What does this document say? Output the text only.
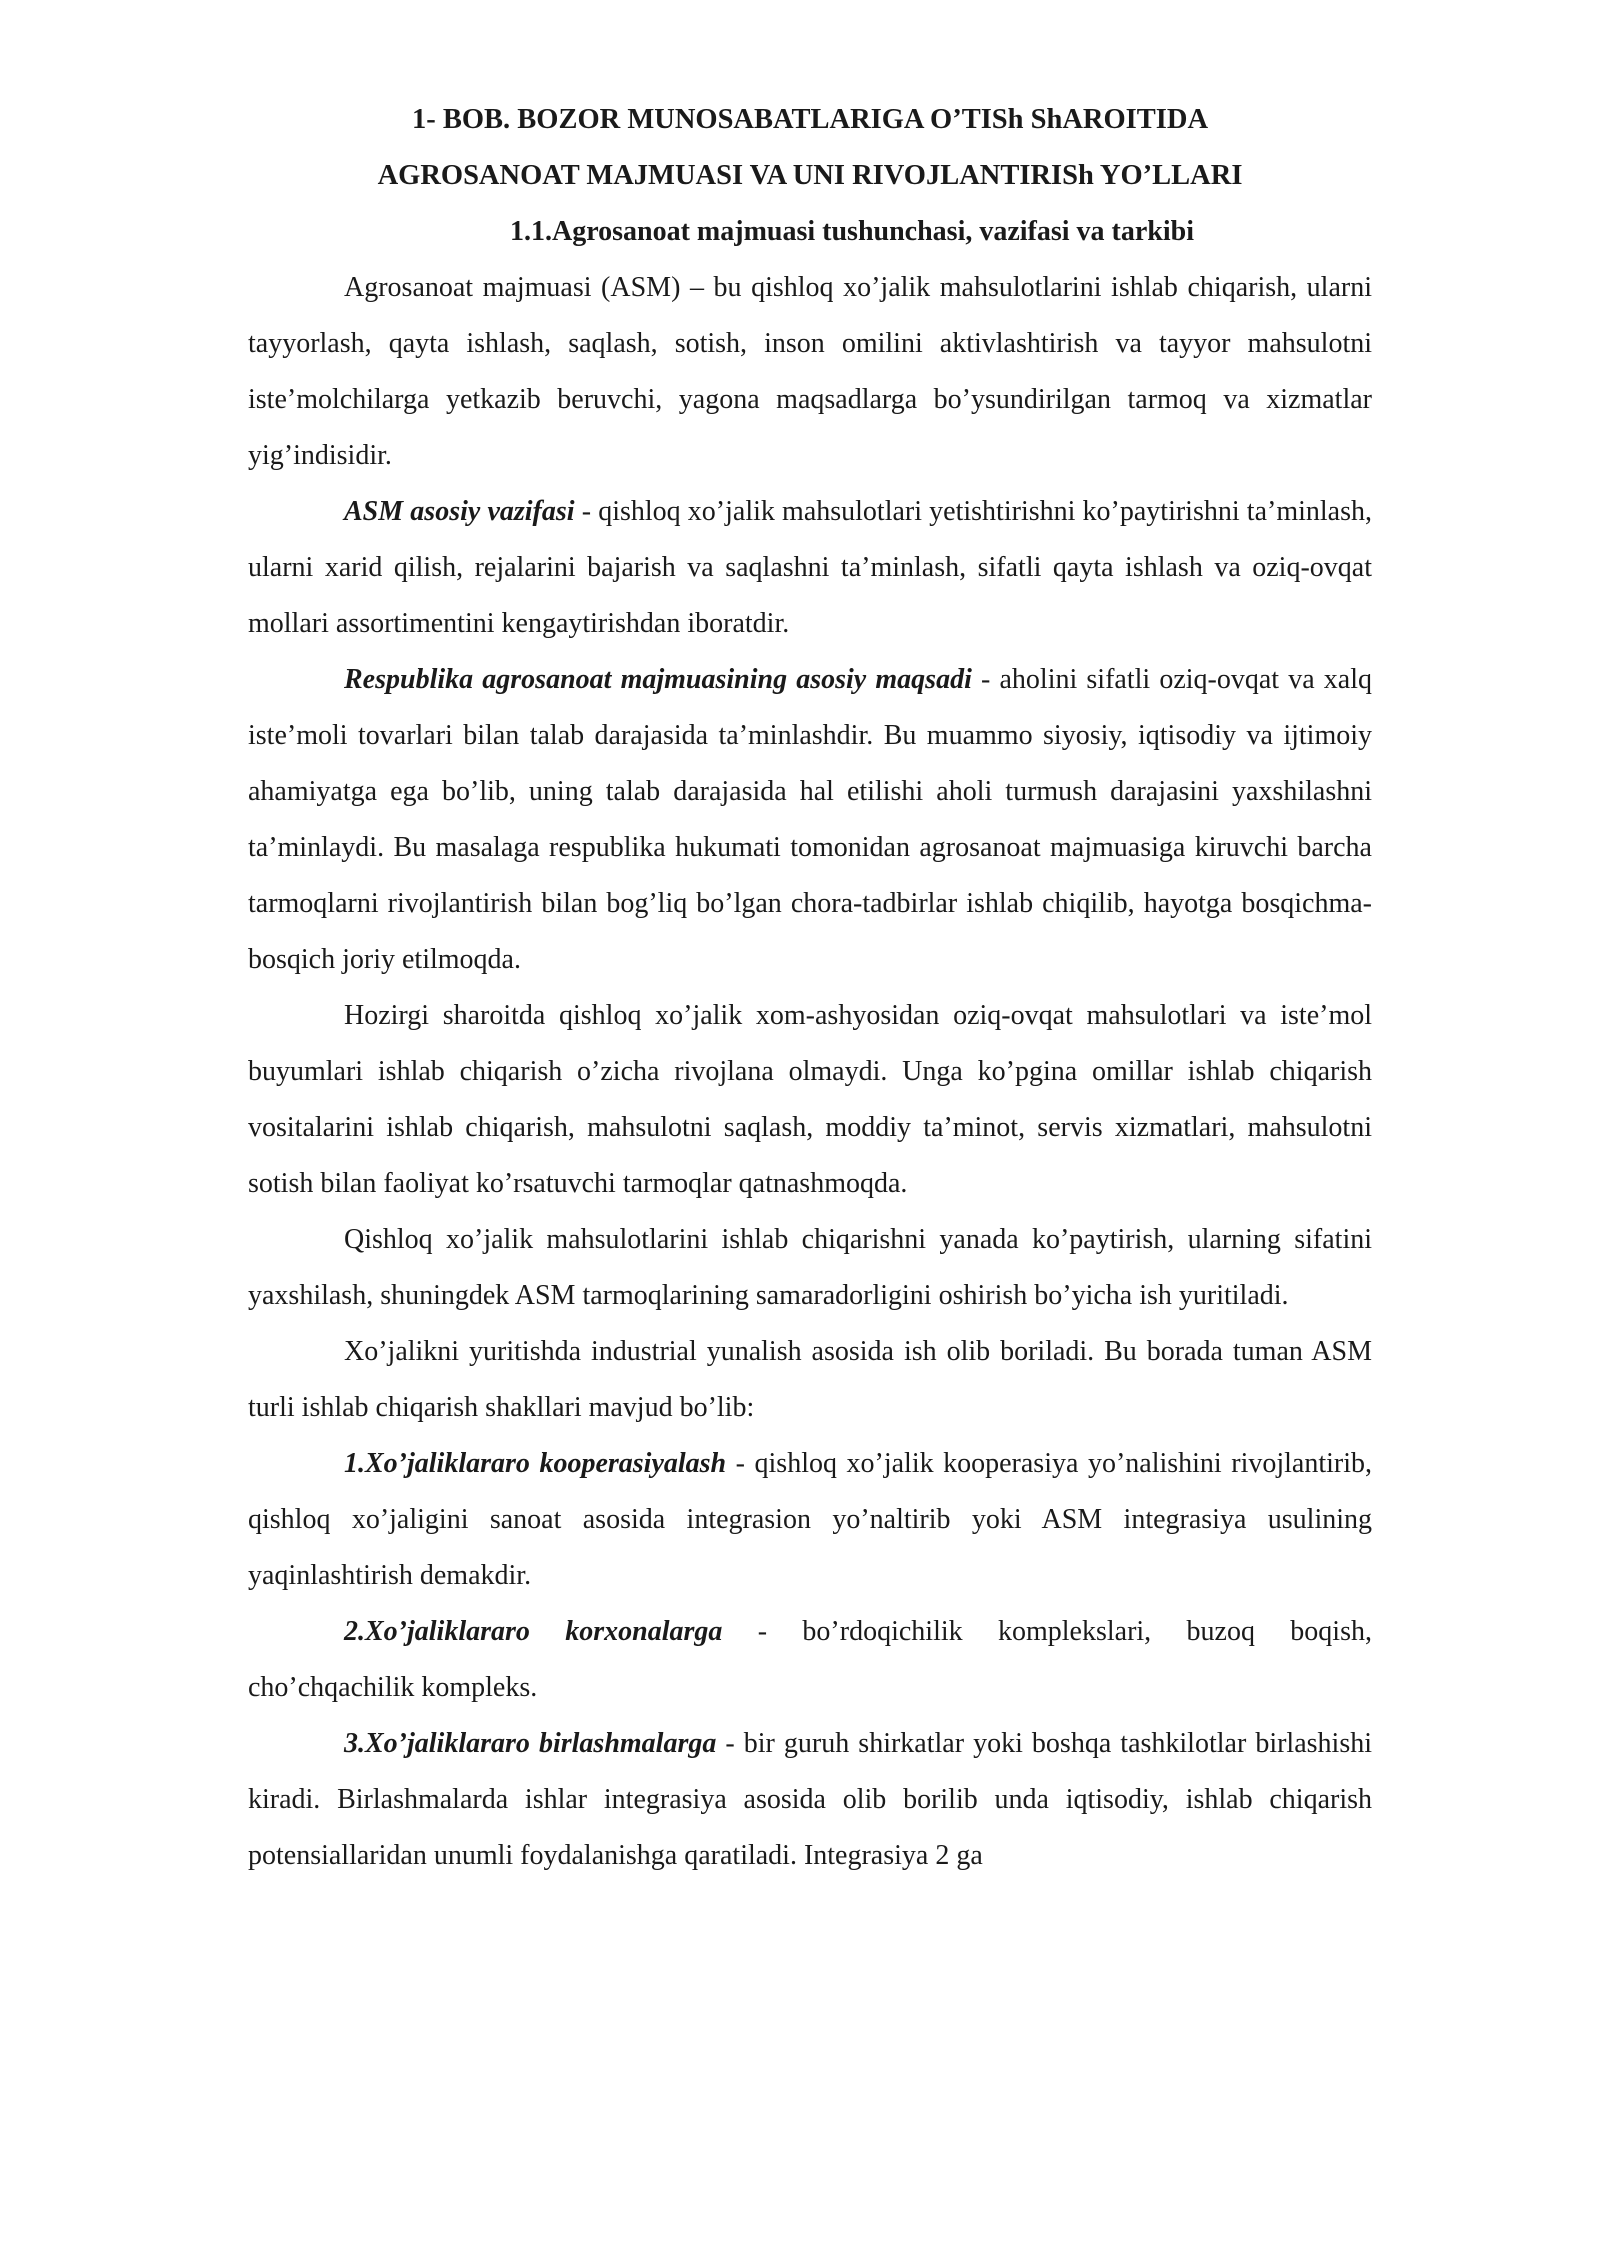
1- BOB. BOZOR MUNOSABATLARIGA O’TISh ShAROITIDA
AGROSANOAT MAJMUASI VA UNI RIVOJLANTIRISh YO’LLARI
1.1.Agrosanoat majmuasi tushunchasi, vazifasi va tarkibi

Agrosanoat majmuasi (ASM) – bu qishloq xo’jalik mahsulotlarini ishlab chiqarish, ularni tayyorlash, qayta ishlash, saqlash, sotish, inson omilini aktivlashtirish va tayyor mahsulotni iste’molchilarga yetkazib beruvchi, yagona maqsadlarga bo’ysundirilgan tarmoq va xizmatlar yig’indisidir.

ASM asosiy vazifasi - qishloq xo’jalik mahsulotlari yetishtirishni ko’paytirishni ta’minlash, ularni xarid qilish, rejalarini bajarish va saqlashni ta’minlash, sifatli qayta ishlash va oziq-ovqat mollari assortimentini kengaytirishdan iboratdir.

Respublika agrosanoat majmuasining asosiy maqsadi - aholini sifatli oziq-ovqat va xalq iste’moli tovarlari bilan talab darajasida ta’minlashdir. Bu muammo siyosiy, iqtisodiy va ijtimoiy ahamiyatga ega bo’lib, uning talab darajasida hal etilishi aholi turmush darajasini yaxshilashni ta’minlaydi. Bu masalaga respublika hukumati tomonidan agrosanoat majmuasiga kiruvchi barcha tarmoqlarni rivojlantirish bilan bog’liq bo’lgan chora-tadbirlar ishlab chiqilib, hayotga bosqichma-bosqich joriy etilmoqda.

Hozirgi sharoitda qishloq xo’jalik xom-ashyosidan oziq-ovqat mahsulotlari va iste’mol buyumlari ishlab chiqarish o’zicha rivojlana olmaydi. Unga ko’pgina omillar ishlab chiqarish vositalarini ishlab chiqarish, mahsulotni saqlash, moddiy ta’minot, servis xizmatlari, mahsulotni sotish bilan faoliyat ko’rsatuvchi tarmoqlar qatnashmoqda.

Qishloq xo’jalik mahsulotlarini ishlab chiqarishni yanada ko’paytirish, ularning sifatini yaxshilash, shuningdek ASM tarmoqlarining samaradorligini oshirish bo’yicha ish yuritiladi.

Xo’jalikni yuritishda industrial yunalish asosida ish olib boriladi. Bu borada tuman ASM turli ishlab chiqarish shakllari mavjud bo’lib:

1.Xo’jaliklararo kooperasiyalash - qishloq xo’jalik kooperasiya yo’nalishini rivojlantirib, qishloq xo’jaligini sanoat asosida integrasion yo’naltirib yoki ASM integrasiya usulining yaqinlashtirish demakdir.

2.Xo’jaliklararo korxonalarga - bo’rdoqichilik komplekslari, buzoq boqish, cho’chqachilik kompleks.

3.Xo’jaliklararo birlashmalarga - bir guruh shirkatlar yoki boshqa tashkilotlar birlashishi kiradi. Birlashmalarda ishlar integrasiya asosida olib borilib unda iqtisodiy, ishlab chiqarish potensiallaridan unumli foydalanishga qaratiladi. Integrasiya 2 ga
